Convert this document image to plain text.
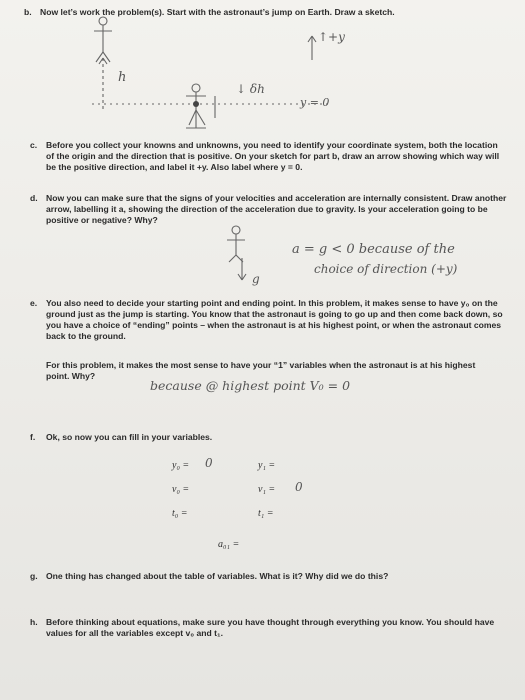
b. Now let’s work the problem(s). Start with the astronaut’s jump on Earth. Draw a sketch.
↑+y
h
↓ δh
y = 0
c. Before you collect your knowns and unknowns, you need to identify your coordinate system, both the location of the origin and the direction that is positive. On your sketch for part b, draw an arrow showing which way will be the positive direction, and label it +y. Also label where y = 0.
d. Now you can make sure that the signs of your velocities and acceleration are internally consistent. Draw another arrow, labelling it a, showing the direction of the acceleration due to gravity. Is your acceleration going to be positive or negative? Why?
g
a = g < 0 because of the
choice of direction (+y)
e. You also need to decide your starting point and ending point. In this problem, it makes sense to have y₀ on the ground just as the jump is starting. You know that the astronaut is going to go up and then come back down, so you have a choice of “ending” points – when the astronaut is at his highest point, or when the astronaut comes back to the ground.
For this problem, it makes the most sense to have your “1” variables when the astronaut is at his highest point. Why?
because @ highest point V₀ = 0
f. Ok, so now you can fill in your variables.
y₀ = 0	y₁ =
v₀ =	v₁ = 0
t₀ =	t₁ =
a₀₁ =
g. One thing has changed about the table of variables. What is it? Why did we do this?
h. Before thinking about equations, make sure you have thought through everything you know. You should have values for all the variables except v₀ and t₁.
